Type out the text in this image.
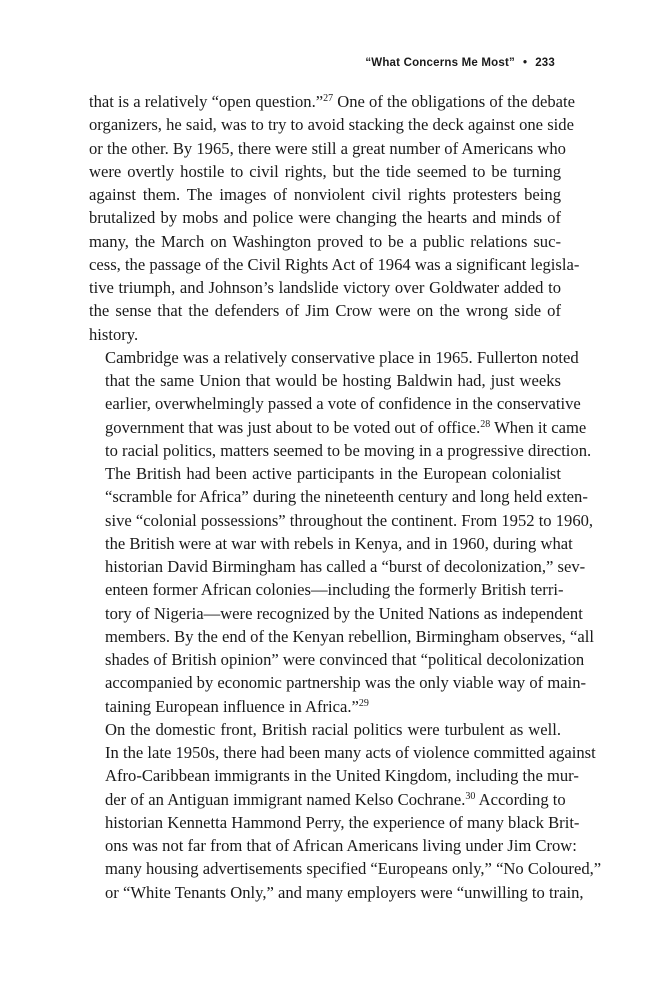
“What Concerns Me Most” • 233

that is a relatively “open question.”$^{27}$ One of the obligations of the debate
organizers, he said, was to try to avoid stacking the deck against one side
or the other. By 1965, there were still a great number of Americans who
were overtly hostile to civil rights, but the tide seemed to be turning
against them. The images of nonviolent civil rights protesters being
brutalized by mobs and police were changing the hearts and minds of
many, the March on Washington proved to be a public relations suc-
cess, the passage of the Civil Rights Act of 1964 was a significant legisla-
tive triumph, and Johnson’s landslide victory over Goldwater added to
the sense that the defenders of Jim Crow were on the wrong side of
history.

Cambridge was a relatively conservative place in 1965. Fullerton noted
that the same Union that would be hosting Baldwin had, just weeks
earlier, overwhelmingly passed a vote of confidence in the conservative
government that was just about to be voted out of office.$^{28}$ When it came
to racial politics, matters seemed to be moving in a progressive direction.
The British had been active participants in the European colonialist
“scramble for Africa” during the nineteenth century and long held exten-
sive “colonial possessions” throughout the continent. From 1952 to 1960,
the British were at war with rebels in Kenya, and in 1960, during what
historian David Birmingham has called a “burst of decolonization,” sev-
enteen former African colonies—including the formerly British terri-
tory of Nigeria—were recognized by the United Nations as independent
members. By the end of the Kenyan rebellion, Birmingham observes, “all
shades of British opinion” were convinced that “political decolonization
accompanied by economic partnership was the only viable way of main-
taining European influence in Africa.”$^{29}$

On the domestic front, British racial politics were turbulent as well.
In the late 1950s, there had been many acts of violence committed against
Afro-Caribbean immigrants in the United Kingdom, including the mur-
der of an Antiguan immigrant named Kelso Cochrane.$^{30}$ According to
historian Kennetta Hammond Perry, the experience of many black Brit-
ons was not far from that of African Americans living under Jim Crow:
many housing advertisements specified “Europeans only,” “No Coloured,”
or “White Tenants Only,” and many employers were “unwilling to train,
